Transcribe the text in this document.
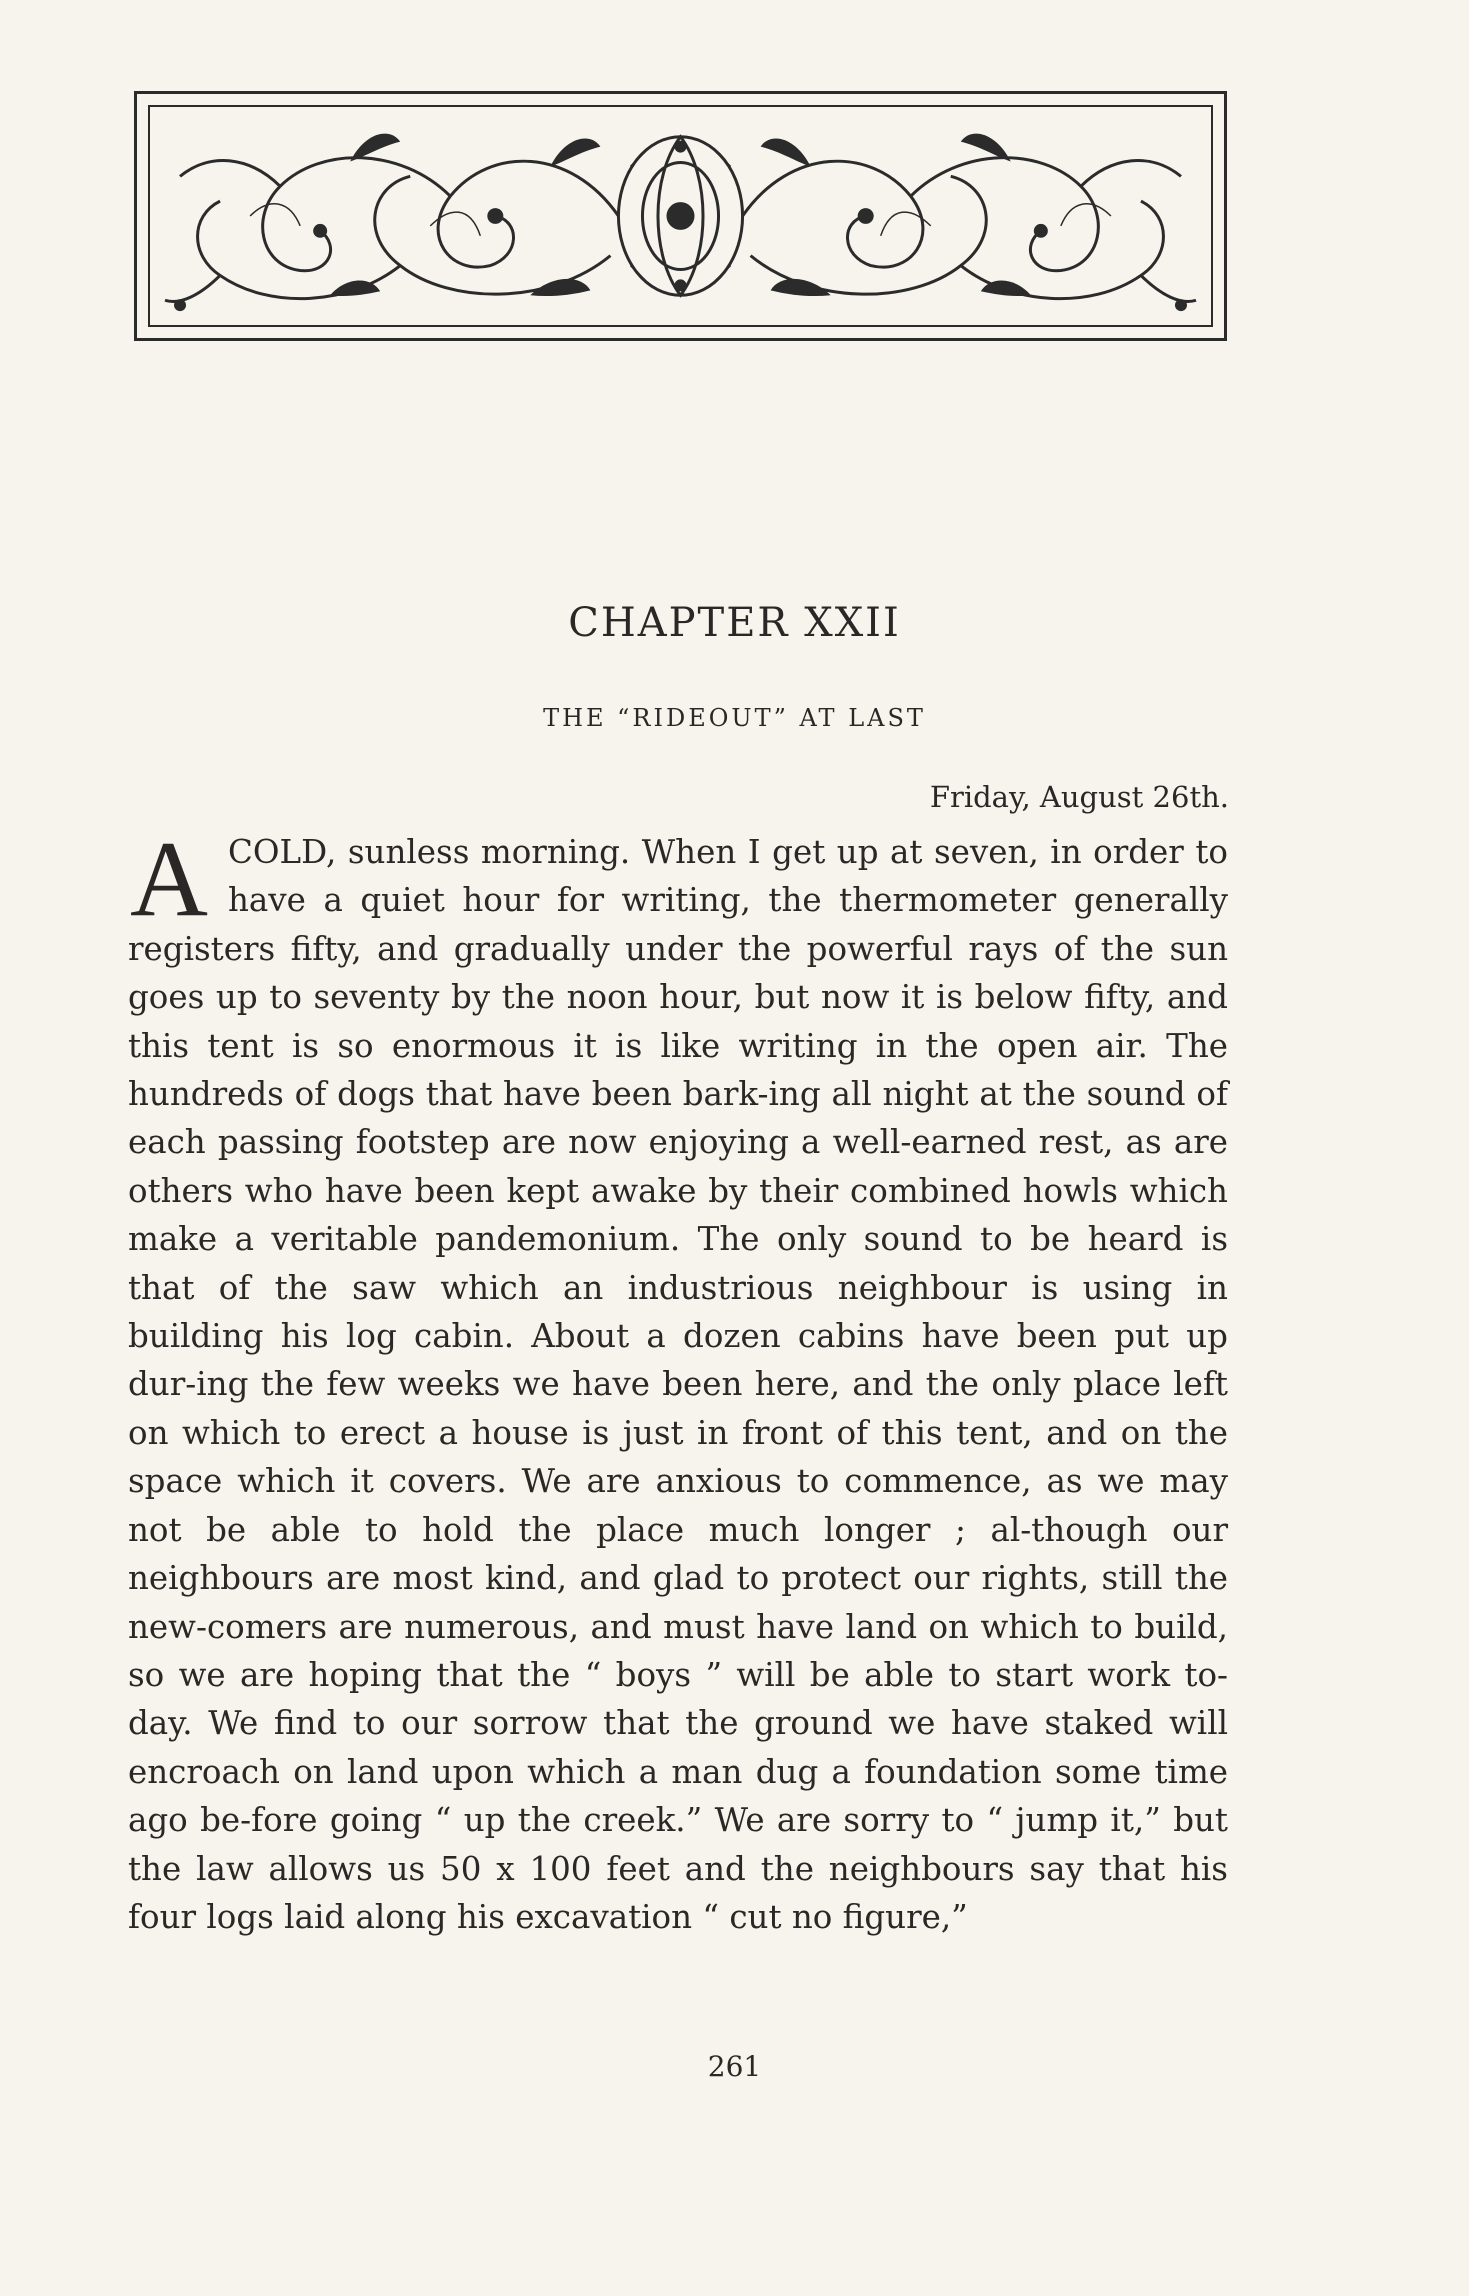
CHAPTER XXII
THE “RIDEOUT” AT LAST

Friday, August 26th.

ACOLD, sunless morning. When I get up at seven, in order to have a quiet hour for writing, the thermometer generally registers fifty, and gradually under the powerful rays of the sun goes up to seventy by the noon hour, but now it is below fifty, and this tent is so enormous it is like writing in the open air. The hundreds of dogs that have been bark-ing all night at the sound of each passing footstep are now enjoying a well-earned rest, as are others who have been kept awake by their combined howls which make a veritable pandemonium. The only sound to be heard is that of the saw which an industrious neighbour is using in building his log cabin. About a dozen cabins have been put up dur-ing the few weeks we have been here, and the only place left on which to erect a house is just in front of this tent, and on the space which it covers. We are anxious to commence, as we may not be able to hold the place much longer ; al-though our neighbours are most kind, and glad to protect our rights, still the new-comers are numerous, and must have land on which to build, so we are hoping that the “ boys ” will be able to start work to-day. We find to our sorrow that the ground we have staked will encroach on land upon which a man dug a foundation some time ago be-fore going “ up the creek.” We are sorry to “ jump it,” but the law allows us 50 x 100 feet and the neighbours say that his four logs laid along his excavation “ cut no figure,”

261
